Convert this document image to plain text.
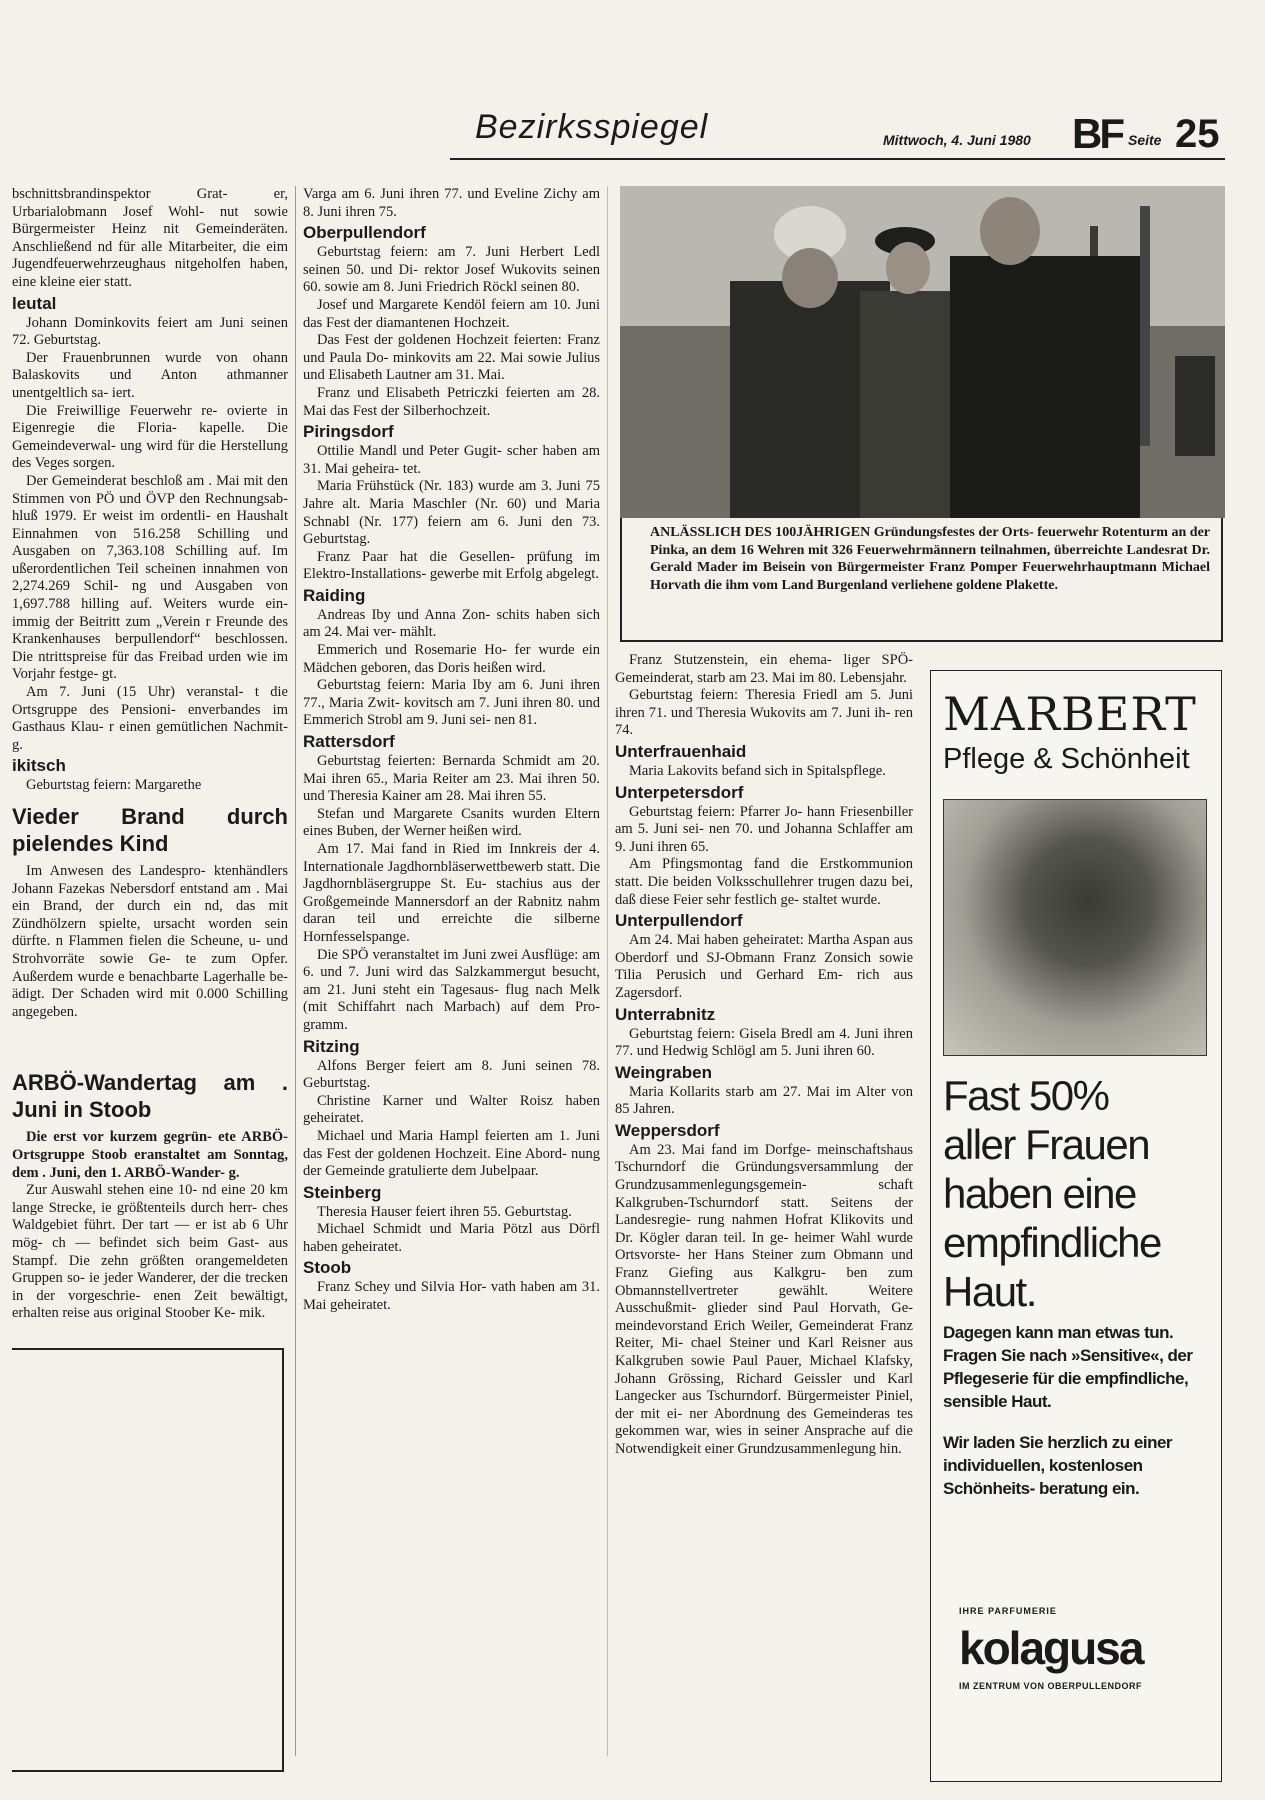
Bezirksspiegel	Mittwoch, 4. Juni 1980 BF Seite 25

bschnittsbrandinspektor Grat- er, Urbarialobmann Josef Wohl- nut sowie Bürgermeister Heinz nit Gemeinderäten. Anschließend nd für alle Mitarbeiter, die eim Jugendfeuerwehrzeughaus nitgeholfen haben, eine kleine eier statt.

leutal

Johann Dominkovits feiert am Juni seinen 72. Geburtstag.

Der Frauenbrunnen wurde von ohann Balaskovits und Anton athmanner unentgeltlich sa- iert.

Die Freiwillige Feuerwehr re- ovierte in Eigenregie die Floria- kapelle. Die Gemeindeverwal- ung wird für die Herstellung des Veges sorgen.

Der Gemeinderat beschloß am . Mai mit den Stimmen von PÖ und ÖVP den Rechnungsab- hluß 1979. Er weist im ordentli- en Haushalt Einnahmen von 516.258 Schilling und Ausgaben on 7,363.108 Schilling auf. Im ußerordentlichen Teil scheinen innahmen von 2,274.269 Schil- ng und Ausgaben von 1,697.788 hilling auf. Weiters wurde ein- immig der Beitritt zum „Verein r Freunde des Krankenhauses berpullendorf“ beschlossen. Die ntrittspreise für das Freibad urden wie im Vorjahr festge- gt.

Am 7. Juni (15 Uhr) veranstal- t die Ortsgruppe des Pensioni- enverbandes im Gasthaus Klau- r einen gemütlichen Nachmit- g.

ikitsch

Geburtstag feiern: Margarethe

Vieder Brand durch pielendes Kind

Im Anwesen des Landespro- ktenhändlers Johann Fazekas Nebersdorf entstand am . Mai ein Brand, der durch ein nd, das mit Zündhölzern spielte, ursacht worden sein dürfte. n Flammen fielen die Scheune, u- und Strohvorräte sowie Ge- te zum Opfer. Außerdem wurde e benachbarte Lagerhalle be- ädigt. Der Schaden wird mit 0.000 Schilling angegeben.

ARBÖ-Wandertag am . Juni in Stoob

Die erst vor kurzem gegrün- ete ARBÖ-Ortsgruppe Stoob eranstaltet am Sonntag, dem . Juni, den 1. ARBÖ-Wander- g.

Zur Auswahl stehen eine 10- nd eine 20 km lange Strecke, ie größtenteils durch herr- ches Waldgebiet führt. Der tart — er ist ab 6 Uhr mög- ch — befindet sich beim Gast- aus Stampf. Die zehn größten orangemeldeten Gruppen so- ie jeder Wanderer, der die trecken in der vorgeschrie- enen Zeit bewältigt, erhalten reise aus original Stoober Ke- mik.

Varga am 6. Juni ihren 77. und Eveline Zichy am 8. Juni ihren 75.

Oberpullendorf

Geburtstag feiern: am 7. Juni Herbert Ledl seinen 50. und Di- rektor Josef Wukovits seinen 60. sowie am 8. Juni Friedrich Röckl seinen 80.

Josef und Margarete Kendöl feiern am 10. Juni das Fest der diamantenen Hochzeit.

Das Fest der goldenen Hochzeit feierten: Franz und Paula Do- minkovits am 22. Mai sowie Julius und Elisabeth Lautner am 31. Mai.

Franz und Elisabeth Petriczki feierten am 28. Mai das Fest der Silberhochzeit.

Piringsdorf

Ottilie Mandl und Peter Gugit- scher haben am 31. Mai geheira- tet.

Maria Frühstück (Nr. 183) wurde am 3. Juni 75 Jahre alt. Maria Maschler (Nr. 60) und Maria Schnabl (Nr. 177) feiern am 6. Juni den 73. Geburtstag.

Franz Paar hat die Gesellen- prüfung im Elektro-Installations- gewerbe mit Erfolg abgelegt.

Raiding

Andreas Iby und Anna Zon- schits haben sich am 24. Mai ver- mählt.

Emmerich und Rosemarie Ho- fer wurde ein Mädchen geboren, das Doris heißen wird.

Geburtstag feiern: Maria Iby am 6. Juni ihren 77., Maria Zwit- kovitsch am 7. Juni ihren 80. und Emmerich Strobl am 9. Juni sei- nen 81.

Rattersdorf

Geburtstag feierten: Bernarda Schmidt am 20. Mai ihren 65., Maria Reiter am 23. Mai ihren 50. und Theresia Kainer am 28. Mai ihren 55.

Stefan und Margarete Csanits wurden Eltern eines Buben, der Werner heißen wird.

Am 17. Mai fand in Ried im Innkreis der 4. Internationale Jagdhornbläserwettbewerb statt. Die Jagdhornbläsergruppe St. Eu- stachius aus der Großgemeinde Mannersdorf an der Rabnitz nahm daran teil und erreichte die silberne Hornfesselspange.

Die SPÖ veranstaltet im Juni zwei Ausflüge: am 6. und 7. Juni wird das Salzkammergut besucht, am 21. Juni steht ein Tagesaus- flug nach Melk (mit Schiffahrt nach Marbach) auf dem Pro- gramm.

Ritzing

Alfons Berger feiert am 8. Juni seinen 78. Geburtstag.

Christine Karner und Walter Roisz haben geheiratet.

Michael und Maria Hampl feierten am 1. Juni das Fest der goldenen Hochzeit. Eine Abord- nung der Gemeinde gratulierte dem Jubelpaar.

Steinberg

Theresia Hauser feiert ihren 55. Geburtstag.

Michael Schmidt und Maria Pötzl aus Dörfl haben geheiratet.

Stoob

Franz Schey und Silvia Hor- vath haben am 31. Mai geheiratet.

ANLÄSSLICH DES 100JÄHRIGEN Gründungsfestes der Orts- feuerwehr Rotenturm an der Pinka, an dem 16 Wehren mit 326 Feuerwehrmännern teilnahmen, überreichte Landesrat Dr. Gerald Mader im Beisein von Bürgermeister Franz Pomper Feuerwehrhauptmann Michael Horvath die ihm vom Land Burgenland verliehene goldene Plakette.

Franz Stutzenstein, ein ehema- liger SPÖ-Gemeinderat, starb am 23. Mai im 80. Lebensjahr.

Geburtstag feiern: Theresia Friedl am 5. Juni ihren 71. und Theresia Wukovits am 7. Juni ih- ren 74.

Unterfrauenhaid

Maria Lakovits befand sich in Spitalspflege.

Unterpetersdorf

Geburtstag feiern: Pfarrer Jo- hann Friesenbiller am 5. Juni sei- nen 70. und Johanna Schlaffer am 9. Juni ihren 65.

Am Pfingsmontag fand die Erstkommunion statt. Die beiden Volksschullehrer trugen dazu bei, daß diese Feier sehr festlich ge- staltet wurde.

Unterpullendorf

Am 24. Mai haben geheiratet: Martha Aspan aus Oberdorf und SJ-Obmann Franz Zonsich sowie Tilia Perusich und Gerhard Em- rich aus Zagersdorf.

Unterrabnitz

Geburtstag feiern: Gisela Bredl am 4. Juni ihren 77. und Hedwig Schlögl am 5. Juni ihren 60.

Weingraben

Maria Kollarits starb am 27. Mai im Alter von 85 Jahren.

Weppersdorf

Am 23. Mai fand im Dorfge- meinschaftshaus Tschurndorf die Gründungsversammlung der Grundzusammenlegungsgemein- schaft Kalkgruben-Tschurndorf statt. Seitens der Landesregie- rung nahmen Hofrat Klikovits und Dr. Kögler daran teil. In ge- heimer Wahl wurde Ortsvorste- her Hans Steiner zum Obmann und Franz Giefing aus Kalkgru- ben zum Obmannstellvertreter gewählt. Weitere Ausschußmit- glieder sind Paul Horvath, Ge- meindevorstand Erich Weiler, Gemeinderat Franz Reiter, Mi- chael Steiner und Karl Reisner aus Kalkgruben sowie Paul Pauer, Michael Klafsky, Johann Grössing, Richard Geissler und Karl Langecker aus Tschurndorf. Bürgermeister Piniel, der mit ei- ner Abordnung des Gemeinderas tes gekommen war, wies in seiner Ansprache auf die Notwendigkeit einer Grundzusammenlegung hin.

MARBERT
Pflege & Schönheit
Fast 50%
aller Frauen
haben eine
empfindliche
Haut.
Dagegen kann man etwas tun. Fragen Sie nach »Sensitive«, der Pflegeserie für die empfindliche, sensible Haut.
Wir laden Sie herzlich zu einer individuellen, kostenlosen Schönheits- beratung ein.
IHRE PARFUMERIE
kolagusa
IM ZENTRUM VON OBERPULLENDORF
